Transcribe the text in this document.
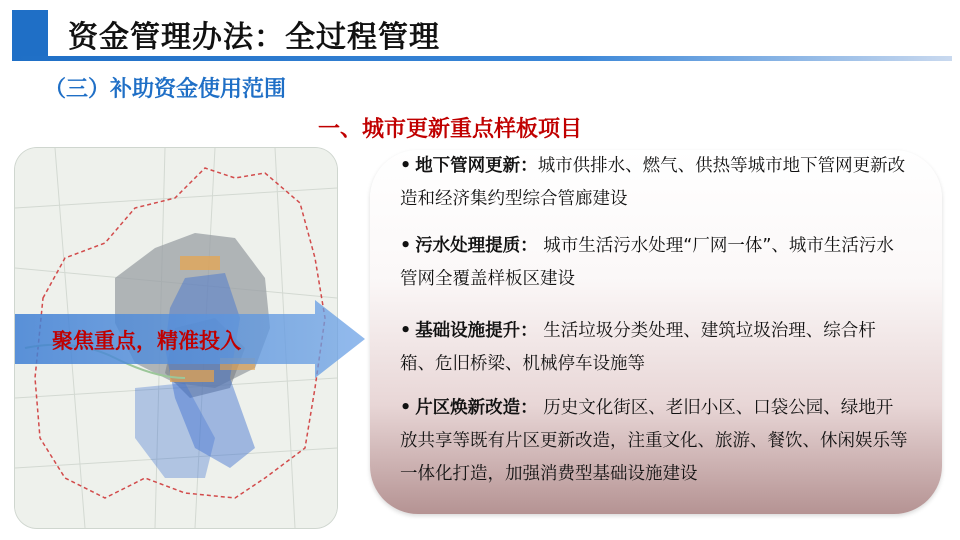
资金管理办法：全过程管理
（三）补助资金使用范围
一、城市更新重点样板项目
聚焦重点，精准投入
• 地下管网更新：城市供排水、燃气、供热等城市地下管网更新改造和经济集约型综合管廊建设
• 污水处理提质： 城市生活污水处理“厂网一体”、城市生活污水管网全覆盖样板区建设
• 基础设施提升： 生活垃圾分类处理、建筑垃圾治理、综合杆箱、危旧桥梁、机械停车设施等
• 片区焕新改造： 历史文化街区、老旧小区、口袋公园、绿地开放共享等既有片区更新改造，注重文化、旅游、餐饮、休闲娱乐等一体化打造，加强消费型基础设施建设
